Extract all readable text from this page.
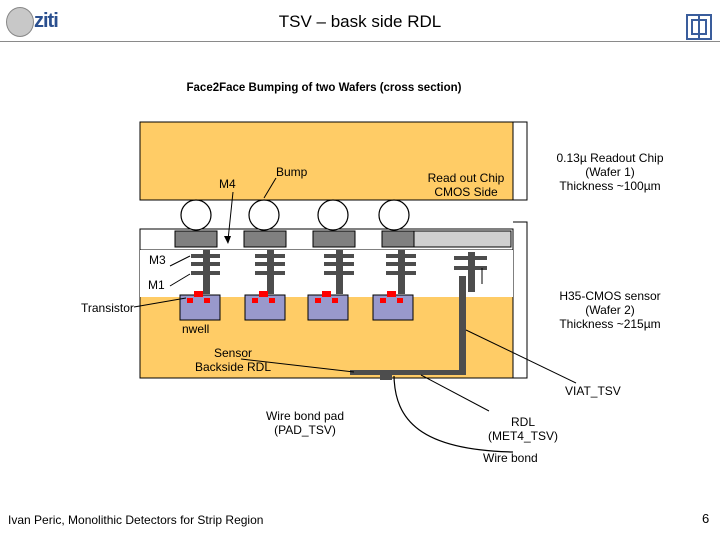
ziti	TSV – bask side RDL
Face2Face Bumping of two Wafers (cross section)
Bump
M4
M3
M1
Transistor
nwell
Read out Chip
CMOS Side
0.13µ Readout Chip
(Wafer 1)
Thickness ~100µm
H35-CMOS sensor
(Wafer 2)
Thickness ~215µm
Sensor
Backside RDL
VIAT_TSV
Wire bond pad
(PAD_TSV)
RDL
(MET4_TSV)
Wire bond
Ivan Peric, Monolithic Detectors for Strip Region	6
